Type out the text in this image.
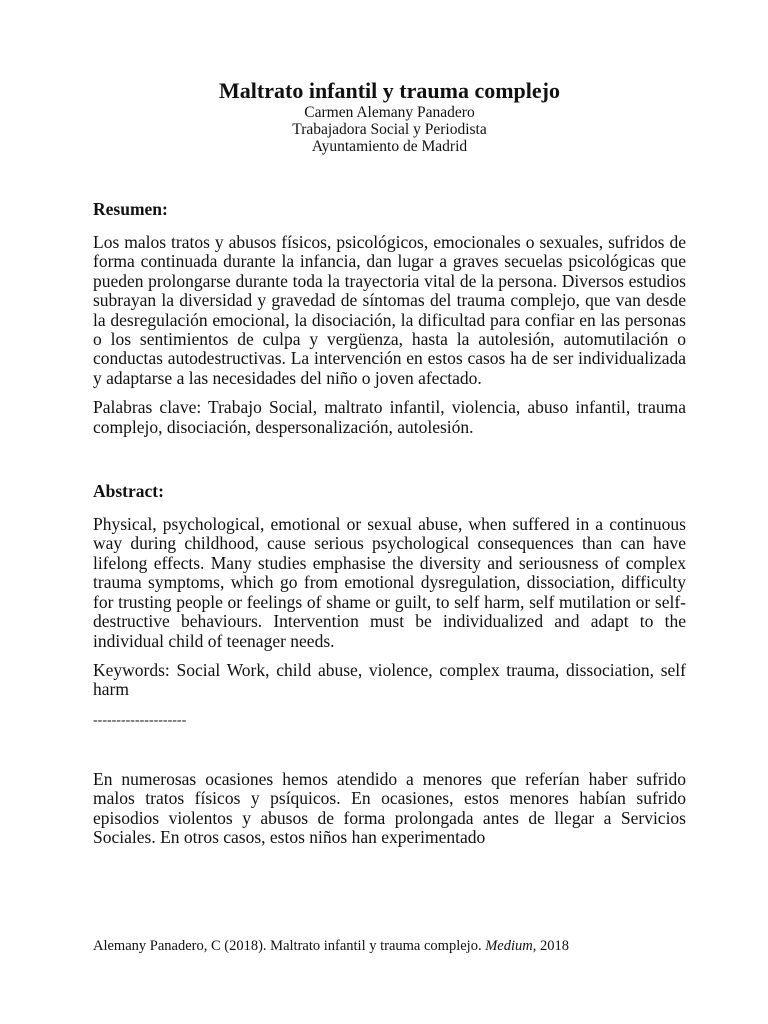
Maltrato infantil y trauma complejo

Carmen Alemany Panadero

Trabajadora Social y Periodista

Ayuntamiento de Madrid

Resumen:

Los malos tratos y abusos físicos, psicológicos, emocionales o sexuales, sufridos de forma continuada durante la infancia, dan lugar a graves secuelas psicológicas que pueden prolongarse durante toda la trayectoria vital de la persona. Diversos estudios subrayan la diversidad y gravedad de síntomas del trauma complejo, que van desde la desregulación emocional, la disociación, la dificultad para confiar en las personas o los sentimientos de culpa y vergüenza, hasta la autolesión, automutilación o conductas autodestructivas. La intervención en estos casos ha de ser individualizada y adaptarse a las necesidades del niño o joven afectado.

Palabras clave: Trabajo Social, maltrato infantil, violencia, abuso infantil, trauma complejo, disociación, despersonalización, autolesión.

Abstract:

Physical, psychological, emotional or sexual abuse, when suffered in a continuous way during childhood, cause serious psychological consequences than can have lifelong effects. Many studies emphasise the diversity and seriousness of complex trauma symptoms, which go from emotional dysregulation, dissociation, difficulty for trusting people or feelings of shame or guilt, to self harm, self mutilation or self-destructive behaviours. Intervention must be individualized and adapt to the individual child of teenager needs.

Keywords: Social Work, child abuse, violence, complex trauma, dissociation, self harm

--------------------

En numerosas ocasiones hemos atendido a menores que referían haber sufrido malos tratos físicos y psíquicos. En ocasiones, estos menores habían sufrido episodios violentos y abusos de forma prolongada antes de llegar a Servicios Sociales. En otros casos, estos niños han experimentado

Alemany Panadero, C (2018). Maltrato infantil y trauma complejo. Medium, 2018
